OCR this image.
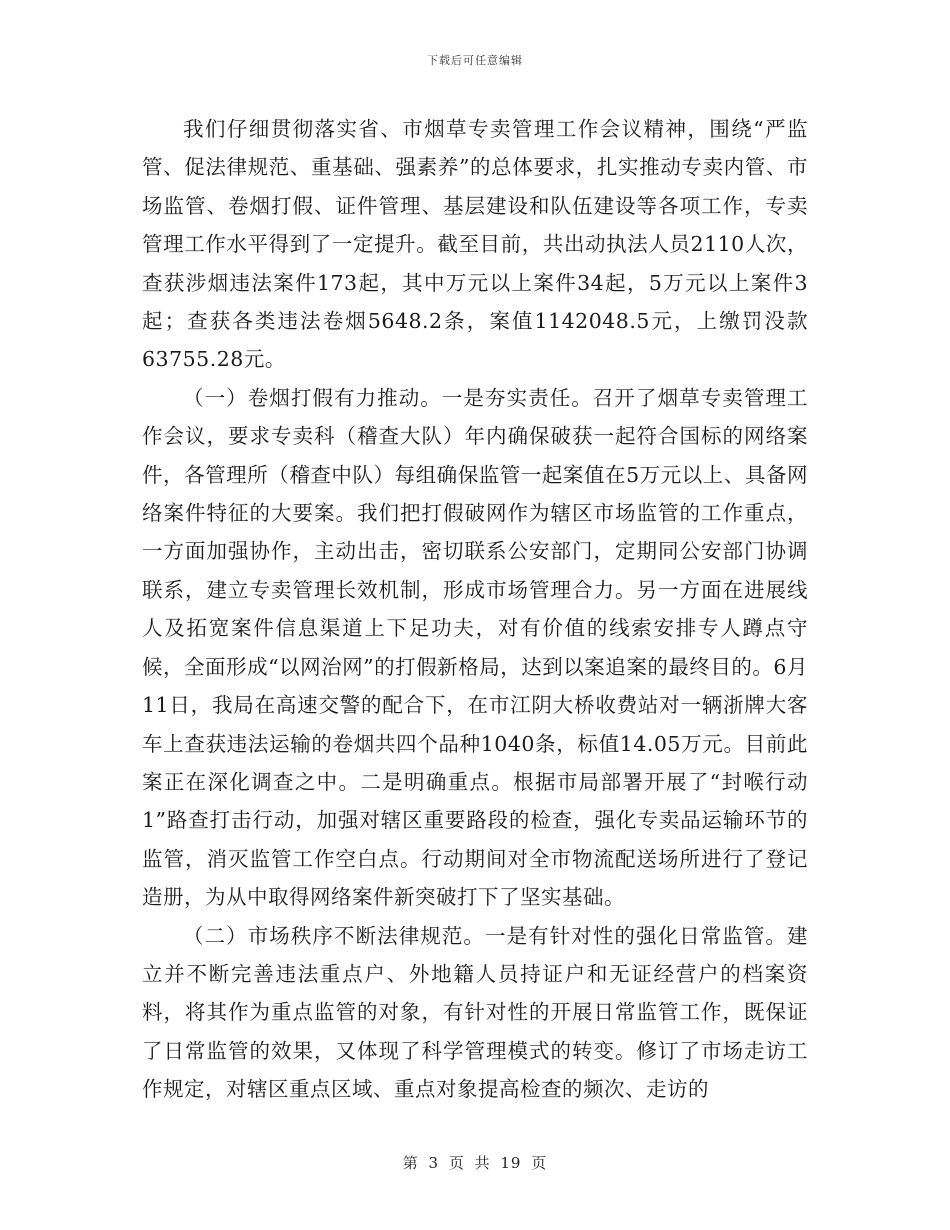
下载后可任意编辑

我们仔细贯彻落实省、市烟草专卖管理工作会议精神，围绕“严监管、促法律规范、重基础、强素养”的总体要求，扎实推动专卖内管、市场监管、卷烟打假、证件管理、基层建设和队伍建设等各项工作，专卖管理工作水平得到了一定提升。截至目前，共出动执法人员2110人次，查获涉烟违法案件173起，其中万元以上案件34起，5万元以上案件3起；查获各类违法卷烟5648.2条，案值1142048.5元，上缴罚没款63755.28元。

（一）卷烟打假有力推动。一是夯实责任。召开了烟草专卖管理工作会议，要求专卖科（稽查大队）年内确保破获一起符合国标的网络案件，各管理所（稽查中队）每组确保监管一起案值在5万元以上、具备网络案件特征的大要案。我们把打假破网作为辖区市场监管的工作重点，一方面加强协作，主动出击，密切联系公安部门，定期同公安部门协调联系，建立专卖管理长效机制，形成市场管理合力。另一方面在进展线人及拓宽案件信息渠道上下足功夫，对有价值的线索安排专人蹲点守候，全面形成“以网治网”的打假新格局，达到以案追案的最终目的。6月11日，我局在高速交警的配合下，在市江阴大桥收费站对一辆浙牌大客车上查获违法运输的卷烟共四个品种1040条，标值14.05万元。目前此案正在深化调查之中。二是明确重点。根据市局部署开展了“封喉行动1”路查打击行动，加强对辖区重要路段的检查，强化专卖品运输环节的监管，消灭监管工作空白点。行动期间对全市物流配送场所进行了登记造册，为从中取得网络案件新突破打下了坚实基础。

（二）市场秩序不断法律规范。一是有针对性的强化日常监管。建立并不断完善违法重点户、外地籍人员持证户和无证经营户的档案资料，将其作为重点监管的对象，有针对性的开展日常监管工作，既保证了日常监管的效果，又体现了科学管理模式的转变。修订了市场走访工作规定，对辖区重点区域、重点对象提高检查的频次、走访的

第 3 页 共 19 页
